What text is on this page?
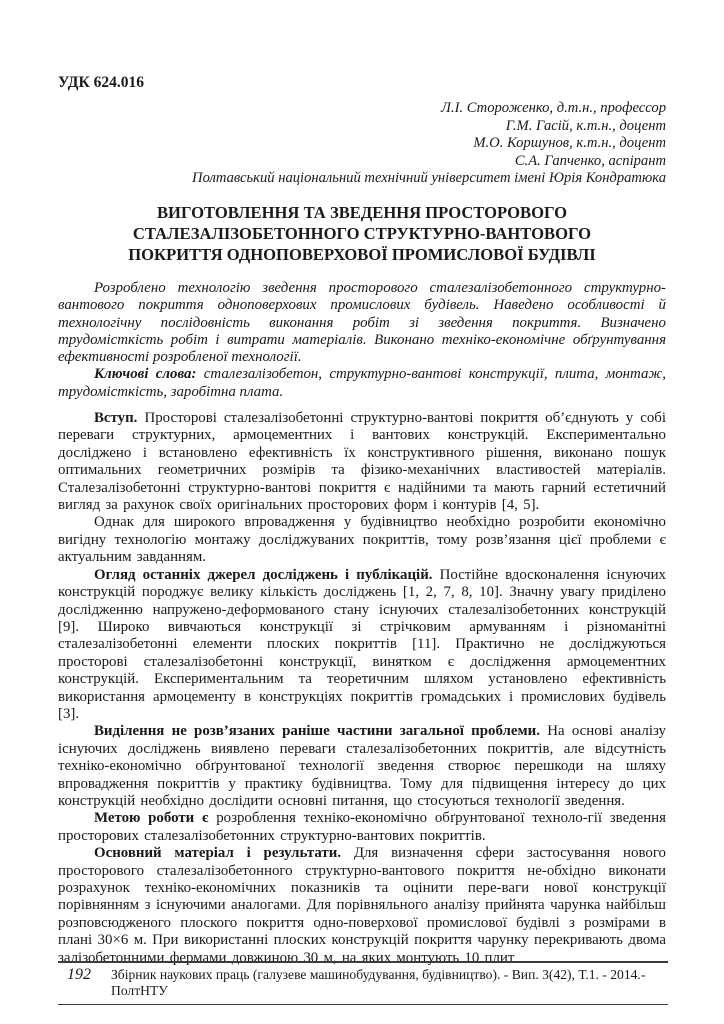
УДК 624.016
Л.І. Стороженко, д.т.н., профессор
Г.М. Гасій, к.т.н., доцент
М.О. Коршунов, к.т.н., доцент
С.А. Гапченко, аспірант
Полтавський національний технічний університет імені Юрія Кондратюка
ВИГОТОВЛЕННЯ ТА ЗВЕДЕННЯ ПРОСТОРОВОГО
СТАЛЕЗАЛІЗОБЕТОННОГО СТРУКТУРНО-ВАНТОВОГО
ПОКРИТТЯ ОДНОПОВЕРХОВОЇ ПРОМИСЛОВОЇ БУДІВЛІ

Розроблено технологію зведення просторового сталезалізобетонного структурно-вантового покриття одноповерхових промислових будівель. Наведено особливості й технологічну послідовність виконання робіт зі зведення покриття. Визначено трудомісткість робіт і витрати матеріалів. Виконано техніко-економічне обґрунтування ефективності розробленої технології.

Ключові слова: сталезалізобетон, структурно-вантові конструкції, плита, монтаж, трудомісткість, заробітна плата.

Вступ. Просторові сталезалізобетонні структурно-вантові покриття об’єднують у собі переваги структурних, армоцементних і вантових конструкцій. Експериментально досліджено і встановлено ефективність їх конструктивного рішення, виконано пошук оптимальних геометричних розмірів та фізико-механічних властивостей матеріалів. Сталезалізобетонні структурно-вантові покриття є надійними та мають гарний естетичний вигляд за рахунок своїх оригінальних просторових форм і контурів [4, 5].

Однак для широкого впровадження у будівництво необхідно розробити економічно вигідну технологію монтажу досліджуваних покриттів, тому розв’язання цієї проблеми є актуальним завданням.

Огляд останніх джерел досліджень і публікацій. Постійне вдосконалення існуючих конструкцій породжує велику кількість досліджень [1, 2, 7, 8, 10]. Значну увагу приділено дослідженню напружено-деформованого стану існуючих сталезалізобетонних конструкцій [9]. Широко вивчаються конструкції зі стрічковим армуванням і різноманітні сталезалізобетонні елементи плоских покриттів [11]. Практично не досліджуються просторові сталезалізобетонні конструкції, винятком є дослідження армоцементних конструкцій. Експериментальним та теоретичним шляхом установлено ефективність використання армоцементу в конструкціях покриттів громадських і промислових будівель [3].

Виділення не розв’язаних раніше частини загальної проблеми. На основі аналізу існуючих досліджень виявлено переваги сталезалізобетонних покриттів, але відсутність техніко-економічно обґрунтованої технології зведення створює перешкоди на шляху впровадження покриттів у практику будівництва. Тому для підвищення інтересу до цих конструкцій необхідно дослідити основні питання, що стосуються технології зведення.

Метою роботи є розроблення техніко-економічно обґрунтованої техноло-гії зведення просторових сталезалізобетонних структурно-вантових покриттів.

Основний матеріал і результати. Для визначення сфери застосування нового просторового сталезалізобетонного структурно-вантового покриття не-обхідно виконати розрахунок техніко-економічних показників та оцінити пере-ваги нової конструкції порівнянням з існуючими аналогами. Для порівняльного аналізу прийнята чарунка найбільш розповсюдженого плоского покриття одно-поверхової промислової будівлі з розмірами в плані 30×6 м. При використанні плоских конструкцій покриття чарунку перекривають двома залізобетонними фермами довжиною 30 м, на яких монтують 10 плит

192 Збірник наукових праць (галузеве машинобудування, будівництво). - Вип. 3(42), Т.1. - 2014.-ПолтНТУ
